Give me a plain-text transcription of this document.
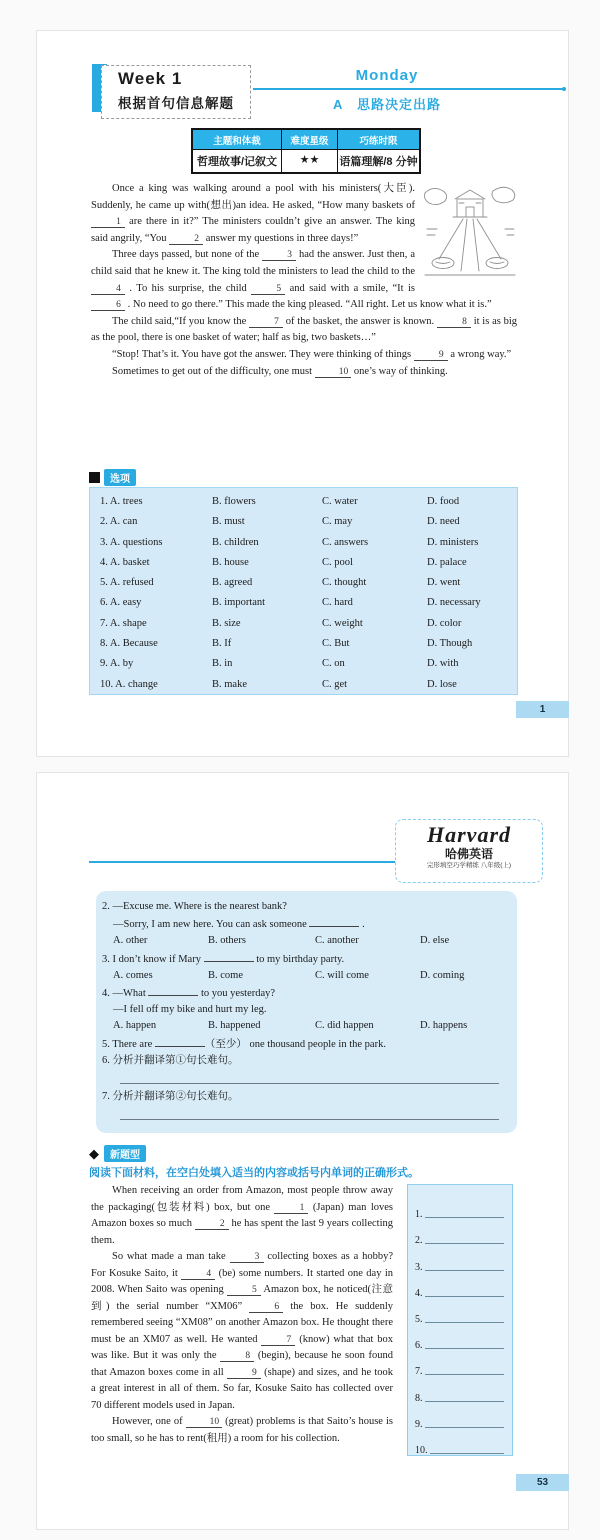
Week 1
根据首句信息解题
Monday
A　思路决定出路
主题和体裁	难度星级	巧练时限
哲理故事/记叙文	★★	语篇理解/8 分钟

Once a king was walking around a pool with his ministers(大臣). Suddenly, he came up with(想出)an idea. He asked, “How many baskets of 1 are there in it?” The ministers couldn’t give an answer. The king said angrily, “You	2 answer my questions in three days!”

Three days passed, but none of the	3 had the answer. Just then, a child said that he knew it. The king told the ministers to lead the child to the 4 . To his surprise, the child	5 and said with a smile, “It is 6 . No need to go there.” This made the king pleased. “All right. Let us know what it is.”

The child said,“If you know the	7 of the basket, the answer is known.	8 it is as big as the pool, there is one basket of water; half as big, two baskets…”

“Stop! That’s it. You have got the answer. They were thinking of things	9 a wrong way.”

Sometimes to get out of the difficulty, one must	10 one’s way of thinking.

选项
1. A. trees	B. flowers	C. water	D. food
2. A. can	B. must	C. may	D. need
3. A. questions	B. children	C. answers	D. ministers
4. A. basket	B. house	C. pool	D. palace
5. A. refused	B. agreed	C. thought	D. went
6. A. easy	B. important	C. hard	D. necessary
7. A. shape	B. size	C. weight	D. color
8. A. Because	B. If	C. But	D. Though
9. A. by	B. in	C. on	D. with
10. A. change	B. make	C. get	D. lose
1
Harvard
哈佛英语
完形填空巧学精练 八年级(上)
2. —Excuse me. Where is the nearest bank?
—Sorry, I am new here. You can ask someone	.
A. other	B. others	C. another	D. else
3. I don’t know if Mary	to my birthday party.
A. comes	B. come	C. will come	D. coming
4. —What	to you yesterday?
—I fell off my bike and hurt my leg.
A. happen	B. happened	C. did happen	D. happens
5. There are	（至少） one thousand people in the park.
6. 分析并翻译第①句长难句。
7. 分析并翻译第②句长难句。
◆	新题型
阅读下面材料，在空白处填入适当的内容或括号内单词的正确形式。

When receiving an order from Amazon, most people throw away the packaging(包装材料) box, but one	1 (Japan) man loves Amazon boxes so much	2 he has spent the last 9 years collecting them.

So what made a man take	3 collecting boxes as a hobby? For Kosuke Saito, it	4 (be) some numbers. It started one day in 2008. When Saito was opening	5 Amazon box, he noticed(注意到) the serial number “XM06”	6 the box. He suddenly remembered seeing “XM08” on another Amazon box. He thought there must be an XM07 as well. He wanted	7 (know) what that box was like. But it was only the	8 (begin), because he soon found that Amazon boxes come in all	9 (shape) and sizes, and he took a great interest in all of them. So far, Kosuke Saito has collected over 70 different models used in Japan.

However, one of	10 (great) problems is that Saito’s house is too small, so he has to rent(租用) a room for his collection.

1.
2.
3.
4.
5.
6.
7.
8.
9.
10.
53
